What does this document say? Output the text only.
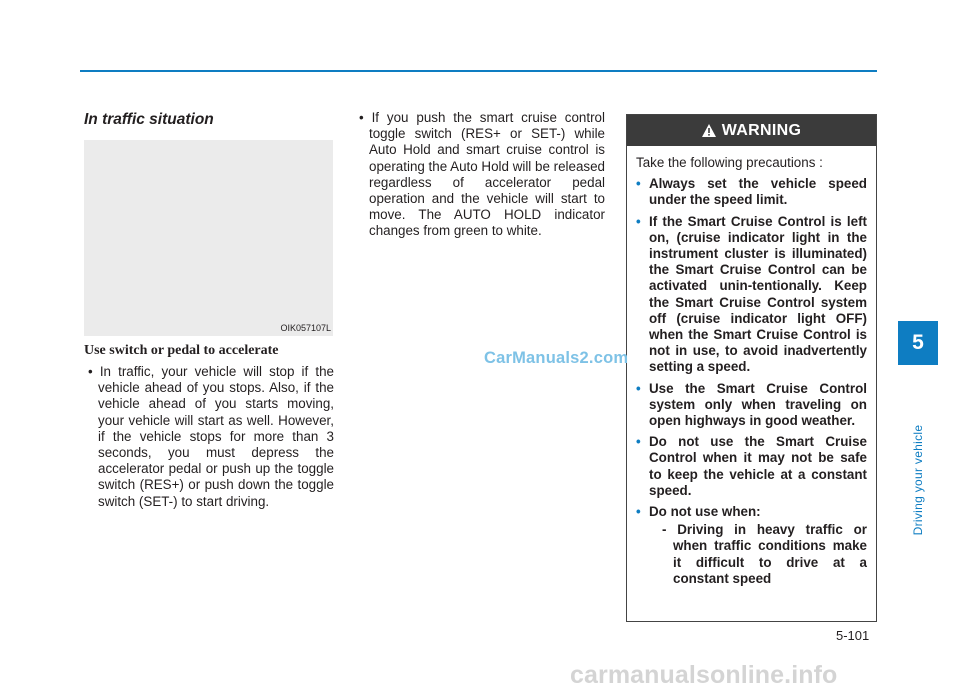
In traffic situation
OIK057107L
Use switch or pedal to accelerate
• In traffic, your vehicle will stop if the vehicle ahead of you stops. Also, if the vehicle ahead of you starts moving, your vehicle will start as well. However, if the vehicle stops for more than 3 seconds, you must depress the accelerator pedal or push up the toggle switch (RES+) or push down the toggle switch (SET-) to start driving.
• If you push the smart cruise control toggle switch (RES+ or SET-) while Auto Hold and smart cruise control is operating the Auto Hold will be released regardless of accelerator pedal operation and the vehicle will start to move. The AUTO HOLD indicator changes from green to white.
WARNING
Take the following precautions :
• Always set the vehicle speed under the speed limit.
• If the Smart Cruise Control is left on, (cruise indicator light in the instrument cluster is illuminated) the Smart Cruise Control can be activated unin-tentionally. Keep the Smart Cruise Control system off (cruise indicator light OFF) when the Smart Cruise Control is not in use, to avoid inadvertently setting a speed.
• Use the Smart Cruise Control system only when traveling on open highways in good weather.
• Do not use the Smart Cruise Control when it may not be safe to keep the vehicle at a constant speed.
• Do not use when:
- Driving in heavy traffic or when traffic conditions make it difficult to drive at a constant speed
CarManuals2.com
5
Driving your vehicle
5-101
carmanualsonline.info
